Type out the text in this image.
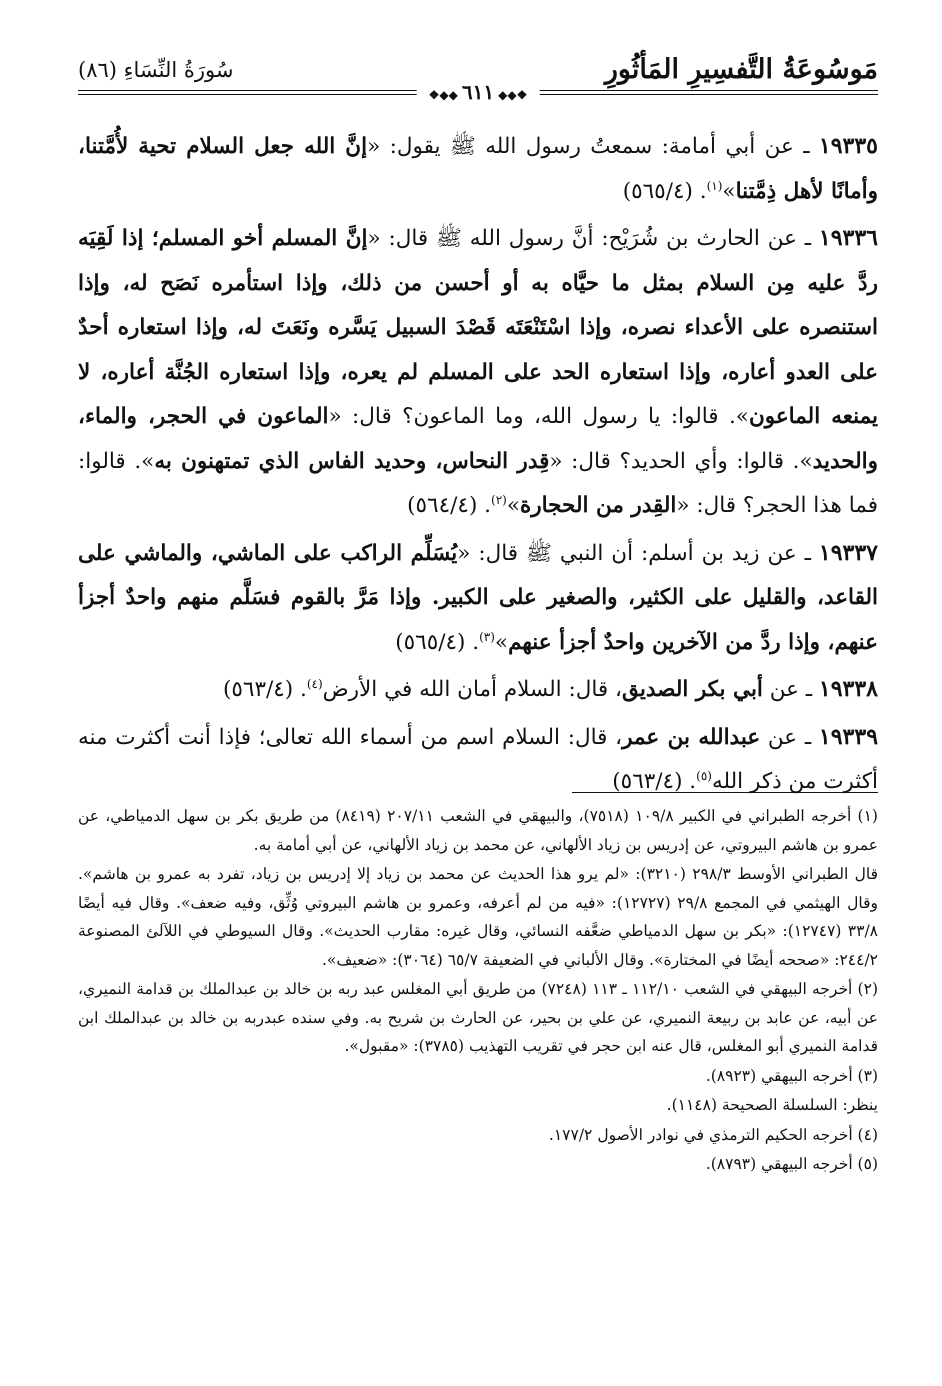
مَوسُوعَةُ التَّفسِيرِ المَأثُورِ
سُورَةُ النِّسَاءِ (٨٦)
❖◆◆ ٦١١ ◆◆❖

١٩٣٣٥ ـ عن أبي أمامة: سمعتُ رسول الله ﷺ يقول: «إنَّ الله جعل السلام تحية لأُمَّتنا، وأمانًا لأهل ذِمَّتنا»$^{(١)}$. (٥٦٥/٤)

١٩٣٣٦ ـ عن الحارث بن شُرَيْح: أنَّ رسول الله ﷺ قال: «إنَّ المسلم أخو المسلم؛ إذا لَقِيَه ردَّ عليه مِن السلام بمثل ما حيَّاه به أو أحسن من ذلك، وإذا استأمره نَصَح له، وإذا استنصره على الأعداء نصره، وإذا اسْتَنْعَتَه قَصْدَ السبيل يَسَّره ونَعَتَ له، وإذا استعاره أحدٌ على العدو أعاره، وإذا استعاره الحد على المسلم لم يعره، وإذا استعاره الجُنَّة أعاره، لا يمنعه الماعون». قالوا: يا رسول الله، وما الماعون؟ قال: «الماعون في الحجر، والماء، والحديد». قالوا: وأي الحديد؟ قال: «قِدر النحاس، وحديد الفاس الذي تمتهنون به». قالوا: فما هذا الحجر؟ قال: «القِدر من الحجارة»$^{(٢)}$. (٥٦٤/٤)

١٩٣٣٧ ـ عن زيد بن أسلم: أن النبي ﷺ قال: «يُسَلِّم الراكب على الماشي، والماشي على القاعد، والقليل على الكثير، والصغير على الكبير. وإذا مَرَّ بالقوم فسَلَّم منهم واحدٌ أجزأ عنهم، وإذا ردَّ من الآخرين واحدٌ أجزأ عنهم»$^{(٣)}$. (٥٦٥/٤)

١٩٣٣٨ ـ عن أبي بكر الصديق، قال: السلام أمان الله في الأرض$^{(٤)}$. (٥٦٣/٤)

١٩٣٣٩ ـ عن عبدالله بن عمر، قال: السلام اسم من أسماء الله تعالى؛ فإذا أنت أكثرت منه أكثرت من ذكر الله$^{(٥)}$. (٥٦٣/٤)

(١) أخرجه الطبراني في الكبير ١٠٩/٨ (٧٥١٨)، والبيهقي في الشعب ٢٠٧/١١ (٨٤١٩) من طريق بكر بن سهل الدمياطي، عن عمرو بن هاشم البيروتي، عن إدريس بن زياد الألهاني، عن محمد بن زياد الألهاني، عن أبي أمامة به.

قال الطبراني الأوسط ٢٩٨/٣ (٣٢١٠): «لم يرو هذا الحديث عن محمد بن زياد إلا إدريس بن زياد، تفرد به عمرو بن هاشم». وقال الهيثمي في المجمع ٢٩/٨ (١٢٧٢٧): «فيه من لم أعرفه، وعمرو بن هاشم البيروتي وُثِّق، وفيه ضعف». وقال فيه أيضًا ٣٣/٨ (١٢٧٤٧): «بكر بن سهل الدمياطي ضعَّفه النسائي، وقال غيره: مقارب الحديث». وقال السيوطي في اللآلئ المصنوعة ٢٤٤/٢: «صححه أيضًا في المختارة». وقال الألباني في الضعيفة ٦٥/٧ (٣٠٦٤): «ضعيف».

(٢) أخرجه البيهقي في الشعب ١١٢/١٠ ـ ١١٣ (٧٢٤٨) من طريق أبي المغلس عبد ربه بن خالد بن عبدالملك بن قدامة النميري، عن أبيه، عن عابد بن ربيعة النميري، عن علي بن بحير، عن الحارث بن شريح به. وفي سنده عبدربه بن خالد بن عبدالملك ابن قدامة النميري أبو المغلس، قال عنه ابن حجر في تقريب التهذيب (٣٧٨٥): «مقبول».

(٣) أخرجه البيهقي (٨٩٢٣).

ينظر: السلسلة الصحيحة (١١٤٨).

(٤) أخرجه الحكيم الترمذي في نوادر الأصول ١٧٧/٢.

(٥) أخرجه البيهقي (٨٧٩٣).
